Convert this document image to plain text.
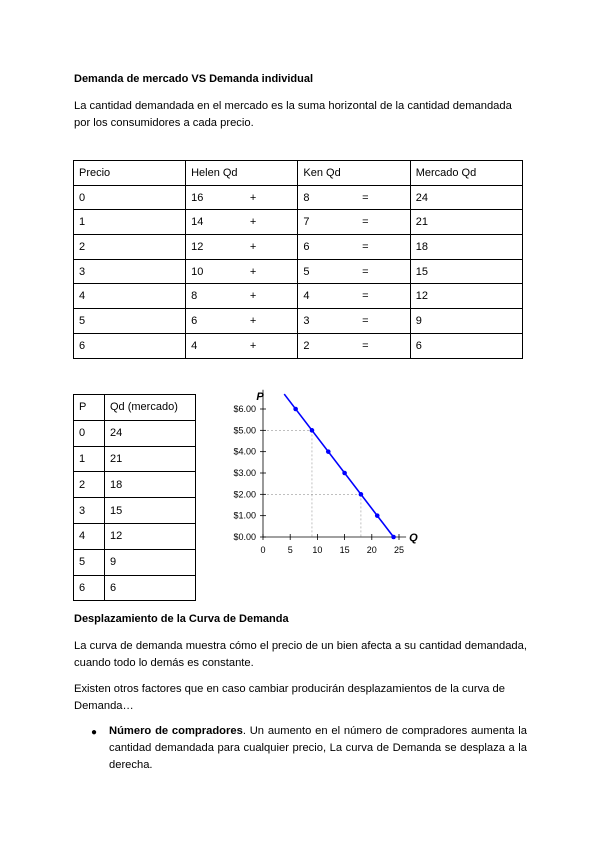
Demanda de mercado VS Demanda individual
La cantidad demandada en el mercado es la suma horizontal de la cantidad demandada por los consumidores a cada precio.
Precio	Helen Qd	Ken Qd	Mercado Qd
0	16 +	8 =	24
1	14 +	7 =	21
2	12 +	6 =	18
3	10 +	5 =	15
4	8 +	4 =	12
5	6 +	3 =	9
6	4 +	2 =	6
P	Qd (mercado)
0	24
1	21
2	18
3	15
4	12
5	9
6	6
$0.00
$1.00
$2.00
$3.00
$4.00
$5.00
$6.00
0 5 10 15 20 25
P
Q
Desplazamiento de la Curva de Demanda
La curva de demanda muestra cómo el precio de un bien afecta a su cantidad demandada, cuando todo lo demás es constante.
Existen otros factores que en caso cambiar producirán desplazamientos de la curva de Demanda…
● Número de compradores. Un aumento en el número de compradores aumenta la cantidad demandada para cualquier precio, La curva de Demanda se desplaza a la derecha.
